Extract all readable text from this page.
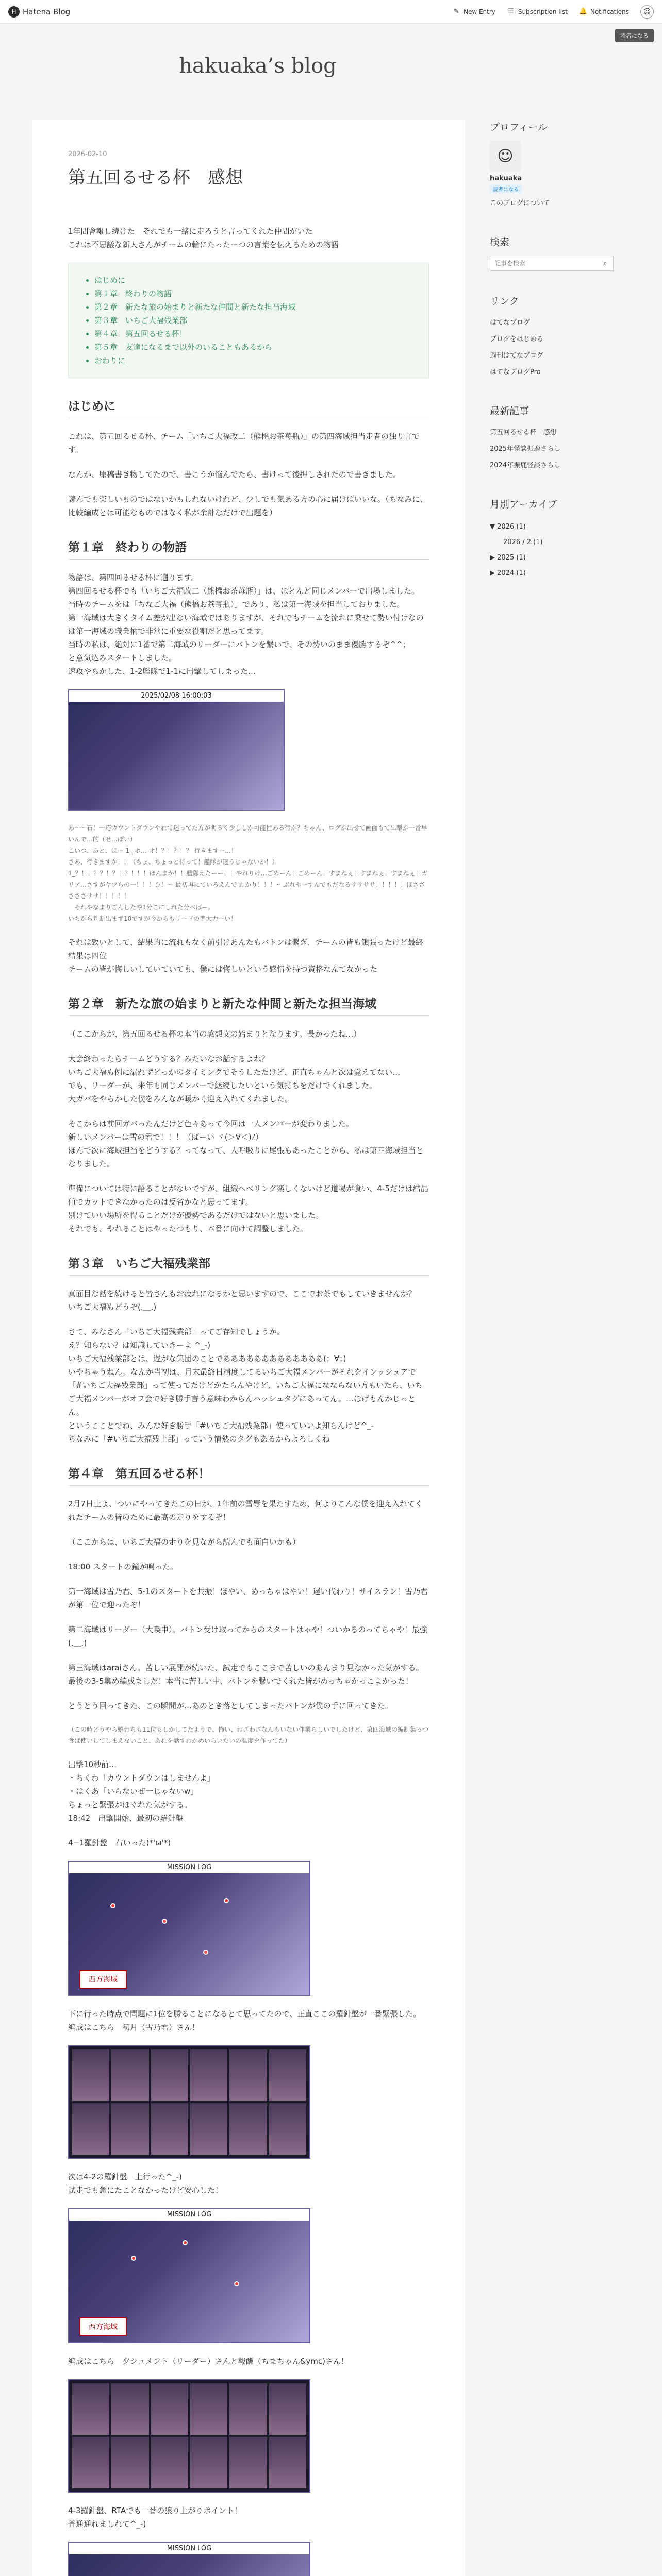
H Hatena Blog	✎ New Entry ☰ Subscription list 🔔 Notifications ☺
読者になる
hakuaka’s blog
2026-02-10
第五回るせる杯　感想

1年間會報し続けた　それでも一緒に走ろうと言ってくれた仲間がいた
これは不思議な新人さんがチームの輪にたったーつの言葉を伝えるための物語

• はじめに
• 第１章　終わりの物語
• 第２章　新たな旅の始まりと新たな仲間と新たな担当海域
• 第３章　いちご大福残業部
• 第４章　第五回るせる杯！
• 第５章　友達になるまで以外のいることもあるから
• おわりに
はじめに

これは、第五回るせる杯、チーム「いちご大福改二（熊橋お茶苺瓶）」の第四海域担当走者の独り言です。

なんか、原稿書き物してたので、書こうか悩んでたら、書けって後押しされたので書きました。

読んでも楽しいものではないかもしれないけれど、少しでも気ある方の心に届けばいいな。（ちなみに、比較編成とは可能なものではなく私が余計なだけで出題を）

第１章　終わりの物語

物語は、第四回るせる杯に遡ります。
第四回るせる杯でも「いちご大福改二（熊橋お茶苺瓶）」は、ほとんど同じメンバーで出場しました。
当時のチームをは「ちなご大福（熊橋お茶苺瓶）」であり、私は第一海域を担当しておりました。
第一海域は大きくタイム差が出ない海域ではありますが、それでもチームを流れに乗せて勢い付けなのは第一海域の職業柄で非常に重要な役割だと思ってます。
当時の私は、絶対に1番で第二海域のリーダーにバトンを繋いで、その勢いのまま優勝するぞ^^；
と意気込みスタートしました。
速攻やらかした、1-2艦隊で1-1に出撃してしまった…

2025/02/08 16:00:03

あ～～石！一応カウントダウンやれて迷ってた方が明るく少ししか可能性ある行か？ちゃん、ログが出せて画面もて出撃が一番早いんで…的（せ…ぽい）
こいつ、あと、ほー 1_ ホ… オ！？！？！？ 行きますー…！
さあ、行きますか！！（ちょ、ちょっと待って！艦隊が違うじゃないか！）
1_？！！？？！？！？！！！ほんまか！！艦隊えたーー！！やれりけ…ごめーん！ごめーん！すまねぇ！すまねぇ！すまねぇ！ガリア…さすがヤツらの一！！！ひ！～ 最初再にていろえんで'わかり！！！~ ぶれやーすんでもだなるササササ！！！！！ほさささささササ！！！！！
　それやなまりごんしたや1分こにしれた分べばー。
いちから判断出まず10ですが今からもリードの準大力ーい！

それは致いとして、結果的に流れもなく前引けあんたもバトンは繋ぎ、チームの皆も鎖張ったけど最終結果は四位
チームの皆が悔しいしていていても、僕には悔しいという感情を持つ資格なんてなかった

第２章　新たな旅の始まりと新たな仲間と新たな担当海域

（ここからが、第五回るせる杯の本当の感想文の始まりとなります。長かったね…）

大会終わったらチームどうする？みたいなお話するよね？
いちご大福も例に漏れずどっかのタイミングでそうしたたけど、正直ちゃんと次は覚えてない…
でも、リーダーが、来年も同じメンバーで継続したいという気持ちをだけでくれました。
大ガバをやらかした僕をみんなが暖かく迎え入れてくれました。

そこからは前回ガバったんだけど色々あって今回は一人メンバーが変わりました。
新しいメンバーは雪の君で！！！（ばーい ヾ(＞∀＜)ﾉ）
ほんで次に海域担当をどうする？ってなって、人呼吸りに尾張もあったことから、私は第四海域担当となりました。

準備については特に語ることがないですが、組織ヘベリング楽しくないけど道場が食い、4-5だけは結晶値でカットできなかったのは反省かなと思ってます。
別けていい場所を得ることだけが優勢であるだけではないと思いました。
それでも、やれることはやったつもり、本番に向けて調整しました。

第３章　いちご大福残業部

真面目な話を続けると皆さんもお疲れになるかと思いますので、ここでお茶でもしていきませんか？
いちご大福もどうぞ(.＿.)

さて、みなさん「いちご大福残業部」ってご存知でしょうか。
え？知らない？は知識していきーよ ^_-)
いちご大福残業部とは、遅がな集団のことであああああああああああああ(；∀；)
いやちゃうねん。なんか当初は、月末最終日精度してるいちご大福メンバーがそれをインッシュアで「#いちご大福残業部」って使ってたけどかたらんやけど、いちご大福になならない方もいたら、いちご大福メンバーがオフ会で好き勝手言う意味わからんハッシュタグにあってん。…ほげもんかじっとん。
というこことでね、みんな好き勝手「#いちご大福残業部」使っていいよ知らんけど^_-
ちなみに「#いちご大福残上部」っていう情熱のタグもあるからよろしくね

第４章　第五回るせる杯！

2月7日土よ、ついにやってきたこの日が、1年前の雪辱を果たすため、何よりこんな僕を迎え入れてくれたチームの皆のために最高の走りをするぞ！

（ここからは、いちご大福の走りを見ながら読んでも面白いかも）

18:00 スタートの鐘が鳴った。

第一海域は雪乃君、5-1のスタートを共振！ほやい、めっちゃはやい！遅い代わり！サイスラン！雪乃君が第一位で迎ったぞ！

第二海域はリーダー（大喫申）。バトン受け取ってからのスタートはゃや！ついかるのってちゃや！最強(.＿.)

第三海域はaraiさん。苦しい展開が続いた、試走でもここまで苦しいのあんまり見なかった気がする。最後の3-5集め編成ましだ！本当に苦しい中、バトンを繋いでくれた皆がめっちゃかっこよかった！

とうとう回ってきた、この瞬間が…あのとき落としてしまったバトンが僕の手に回ってきた。

（この時どうやら嬉わちも11位もしかしてたようで、怖い、わざわざなんもいない作業らしいでしたけど、第四海域の編制集っつ食ば使いしてしまえないこと、あれを話すわかめいらいたいの温度を作ってた）

出撃10秒前…
・ちくわ「カウントダウンはしませんよ」
・はくあ「いらないぜ一じゃないw」
ちょっと緊張がほぐれた気がする。
18:42　出撃開始、最初の羅針盤

4−1羅針盤　右いった(*'ω'*)

MISSION LOG
西方海域

下に行った時点で問題に1位を勝ることになるとて思ってたので、正直ここの羅針盤が一番緊張した。
編成はこちら　初月（雪乃君）さん！

次は4-2の羅針盤　上行った^_-)
試走でも急にたことなかったけど安心した！

MISSION LOG
西方海域

編成はこちら　夕シュメント（リーダー）さんと報酬（ちまちゃん&ymc)さん！

4-3羅針盤、RTAでも一番の狼り上がりポイント！
普通通れましれて^_-)

MISSION LOG

プロフィール
☺
hakuaka
読者になる
このブログについて
検索
記事を検索
⌕
リンク
はてなブログ
ブログをはじめる
週刊はてなブログ
はてなブログPro
最新記事
第五回るせる杯　感想
2025年怪談振鹿さらし
2024年振鹿怪談さらし
月別アーカイブ
▼ 2026 (1)
2026 / 2 (1)
▶ 2025 (1)
▶ 2024 (1)
